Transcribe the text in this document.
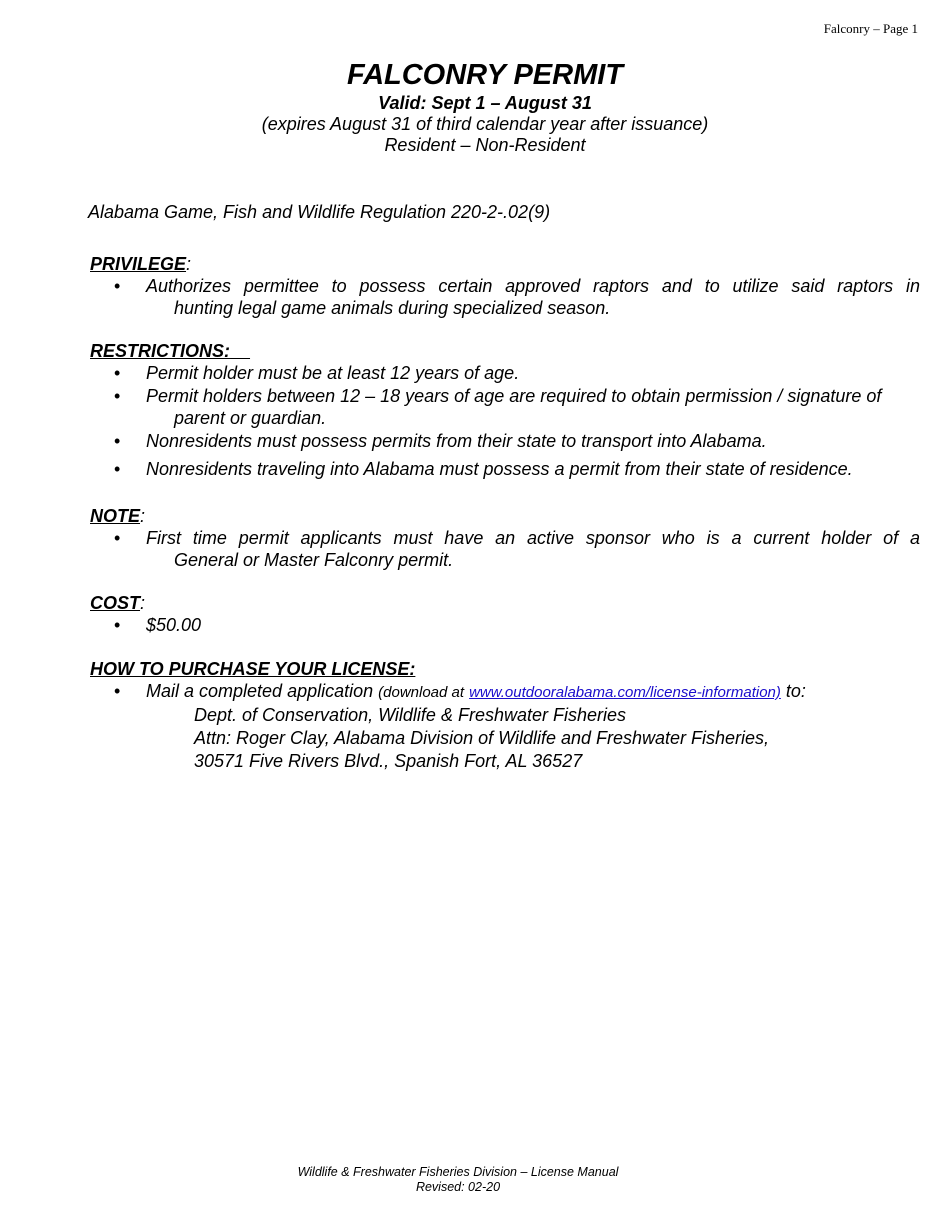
Falconry – Page 1
FALCONRY PERMIT
Valid: Sept 1 – August 31
(expires August 31 of third calendar year after issuance)
Resident – Non-Resident
Alabama Game, Fish and Wildlife Regulation 220-2-.02(9)
PRIVILEGE:
• Authorizes permittee to possess certain approved raptors and to utilize said raptors in
hunting legal game animals during specialized season.
RESTRICTIONS:
• Permit holder must be at least 12 years of age.
• Permit holders between 12 – 18 years of age are required to obtain permission / signature of
parent or guardian.
• Nonresidents must possess permits from their state to transport into Alabama.
• Nonresidents traveling into Alabama must possess a permit from their state of residence.
NOTE:
• First time permit applicants must have an active sponsor who is a current holder of a
General or Master Falconry permit.
COST:
• $50.00
HOW TO PURCHASE YOUR LICENSE:
• Mail a completed application (download at www.outdooralabama.com/license-information) to:
Dept. of Conservation, Wildlife & Freshwater Fisheries
Attn: Roger Clay, Alabama Division of Wildlife and Freshwater Fisheries,
30571 Five Rivers Blvd., Spanish Fort, AL 36527
Wildlife & Freshwater Fisheries Division – License Manual
Revised: 02-20
